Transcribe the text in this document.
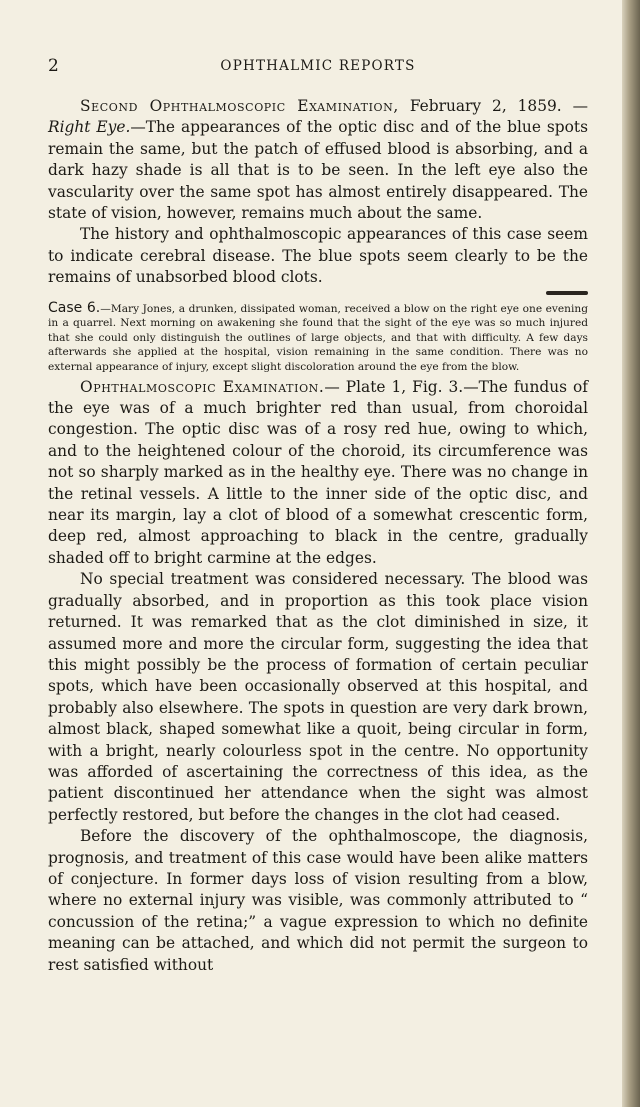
2	OPHTHALMIC REPORTS

Second Ophthalmoscopic Examination, February 2, 1859. —Right Eye.—The appearances of the optic disc and of the blue spots remain the same, but the patch of effused blood is absorbing, and a dark hazy shade is all that is to be seen. In the left eye also the vascularity over the same spot has almost entirely disappeared. The state of vision, however, remains much about the same.

The history and ophthalmoscopic appearances of this case seem to indicate cerebral disease. The blue spots seem clearly to be the remains of unabsorbed blood clots.

Case 6.—Mary Jones, a drunken, dissipated woman, received a blow on the right eye one evening in a quarrel. Next morning on awakening she found that the sight of the eye was so much injured that she could only distinguish the outlines of large objects, and that with difficulty. A few days afterwards she applied at the hospital, vision remaining in the same condition. There was no external appearance of injury, except slight discoloration around the eye from the blow.

Ophthalmoscopic Examination.— Plate 1, Fig. 3.—The fundus of the eye was of a much brighter red than usual, from choroidal congestion. The optic disc was of a rosy red hue, owing to which, and to the heightened colour of the choroid, its circumference was not so sharply marked as in the healthy eye. There was no change in the retinal vessels. A little to the inner side of the optic disc, and near its margin, lay a clot of blood of a somewhat crescentic form, deep red, almost approaching to black in the centre, gradually shaded off to bright carmine at the edges.

No special treatment was considered necessary. The blood was gradually absorbed, and in proportion as this took place vision returned. It was remarked that as the clot diminished in size, it assumed more and more the circular form, suggesting the idea that this might possibly be the process of formation of certain peculiar spots, which have been occasionally observed at this hospital, and probably also elsewhere. The spots in question are very dark brown, almost black, shaped somewhat like a quoit, being circular in form, with a bright, nearly colourless spot in the centre. No opportunity was afforded of ascertaining the correctness of this idea, as the patient discontinued her attendance when the sight was almost perfectly restored, but before the changes in the clot had ceased.

Before the discovery of the ophthalmoscope, the diagnosis, prognosis, and treatment of this case would have been alike matters of conjecture. In former days loss of vision resulting from a blow, where no external injury was visible, was commonly attributed to “ concussion of the retina;” a vague expression to which no definite meaning can be attached, and which did not permit the surgeon to rest satisfied without
